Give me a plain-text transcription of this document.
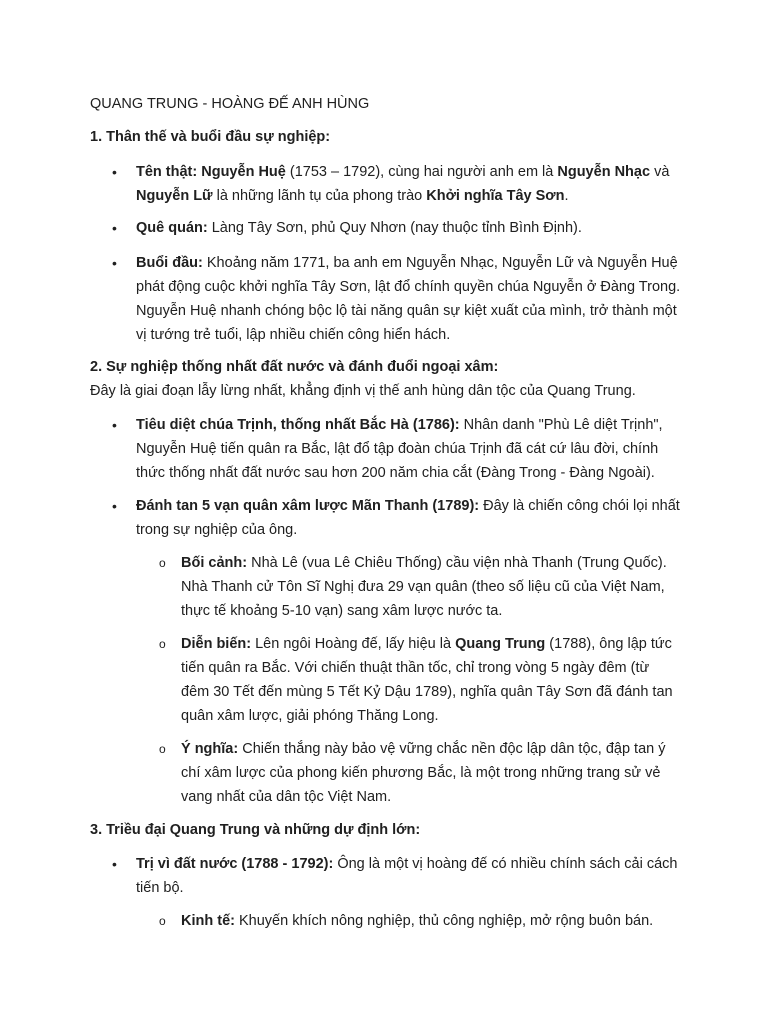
QUANG TRUNG - HOÀNG ĐẾ ANH HÙNG
1. Thân thế và buổi đầu sự nghiệp:
• Tên thật: Nguyễn Huệ (1753 – 1792), cùng hai người anh em là Nguyễn Nhạc và Nguyễn Lữ là những lãnh tụ của phong trào Khởi nghĩa Tây Sơn.
• Quê quán: Làng Tây Sơn, phủ Quy Nhơn (nay thuộc tỉnh Bình Định).
• Buổi đầu: Khoảng năm 1771, ba anh em Nguyễn Nhạc, Nguyễn Lữ và Nguyễn Huệ phát động cuộc khởi nghĩa Tây Sơn, lật đổ chính quyền chúa Nguyễn ở Đàng Trong. Nguyễn Huệ nhanh chóng bộc lộ tài năng quân sự kiệt xuất của mình, trở thành một vị tướng trẻ tuổi, lập nhiều chiến công hiển hách.
2. Sự nghiệp thống nhất đất nước và đánh đuổi ngoại xâm:
Đây là giai đoạn lẫy lừng nhất, khẳng định vị thế anh hùng dân tộc của Quang Trung.
• Tiêu diệt chúa Trịnh, thống nhất Bắc Hà (1786): Nhân danh "Phù Lê diệt Trịnh", Nguyễn Huệ tiến quân ra Bắc, lật đổ tập đoàn chúa Trịnh đã cát cứ lâu đời, chính thức thống nhất đất nước sau hơn 200 năm chia cắt (Đàng Trong - Đàng Ngoài).
• Đánh tan 5 vạn quân xâm lược Mãn Thanh (1789): Đây là chiến công chói lọi nhất trong sự nghiệp của ông.
o Bối cảnh: Nhà Lê (vua Lê Chiêu Thống) cầu viện nhà Thanh (Trung Quốc). Nhà Thanh cử Tôn Sĩ Nghị đưa 29 vạn quân (theo số liệu cũ của Việt Nam, thực tế khoảng 5-10 vạn) sang xâm lược nước ta.
o Diễn biến: Lên ngôi Hoàng đế, lấy hiệu là Quang Trung (1788), ông lập tức tiến quân ra Bắc. Với chiến thuật thần tốc, chỉ trong vòng 5 ngày đêm (từ đêm 30 Tết đến mùng 5 Tết Kỷ Dậu 1789), nghĩa quân Tây Sơn đã đánh tan quân xâm lược, giải phóng Thăng Long.
o Ý nghĩa: Chiến thắng này bảo vệ vững chắc nền độc lập dân tộc, đập tan ý chí xâm lược của phong kiến phương Bắc, là một trong những trang sử vẻ vang nhất của dân tộc Việt Nam.
3. Triều đại Quang Trung và những dự định lớn:
• Trị vì đất nước (1788 - 1792): Ông là một vị hoàng đế có nhiều chính sách cải cách tiến bộ.
o Kinh tế: Khuyến khích nông nghiệp, thủ công nghiệp, mở rộng buôn bán.
